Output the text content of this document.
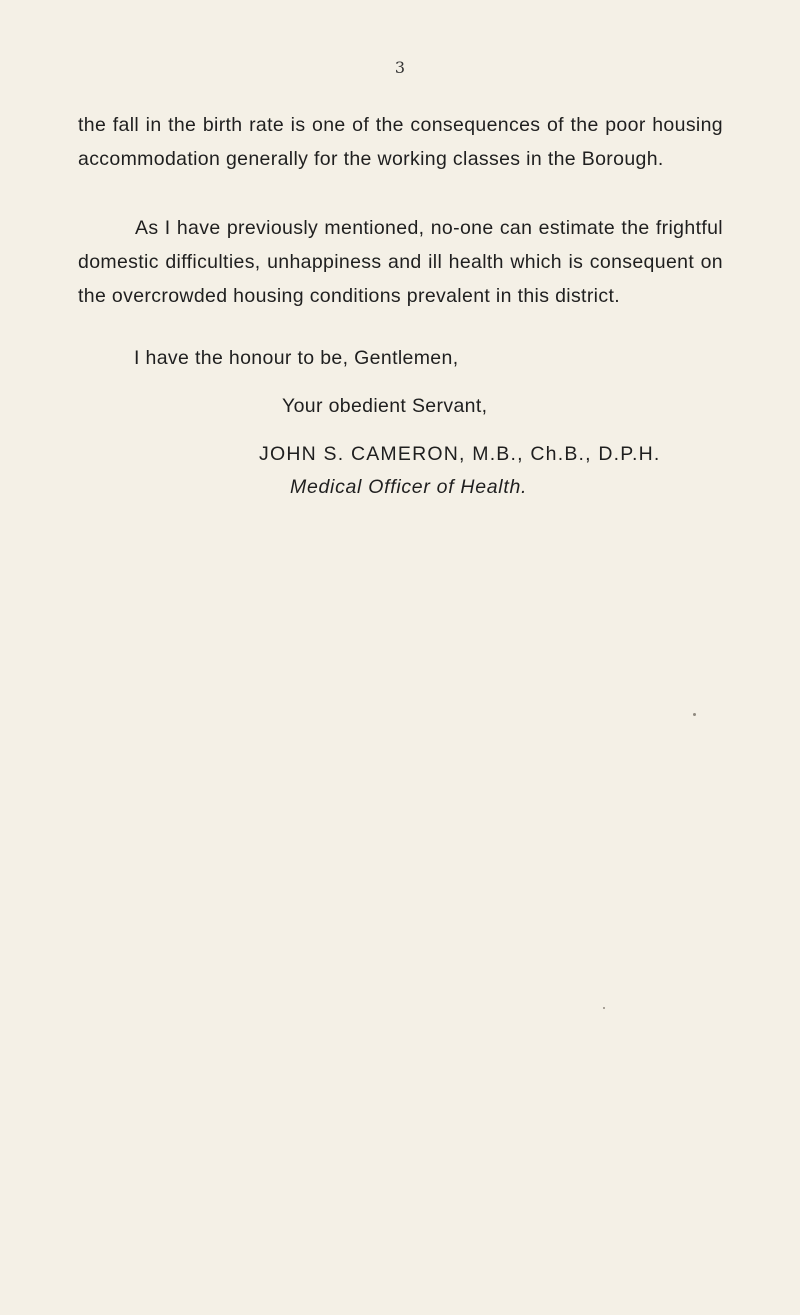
3

the fall in the birth rate is one of the consequences of the poor housing accommodation generally for the working classes in the Borough.

As I have previously mentioned, no-one can estimate the frightful domestic difficulties, unhappiness and ill health which is consequent on the overcrowded housing conditions prevalent in this district.

I have the honour to be, Gentlemen,

Your obedient Servant,

JOHN S. CAMERON, M.B., Ch.B., D.P.H.

Medical Officer of Health.
